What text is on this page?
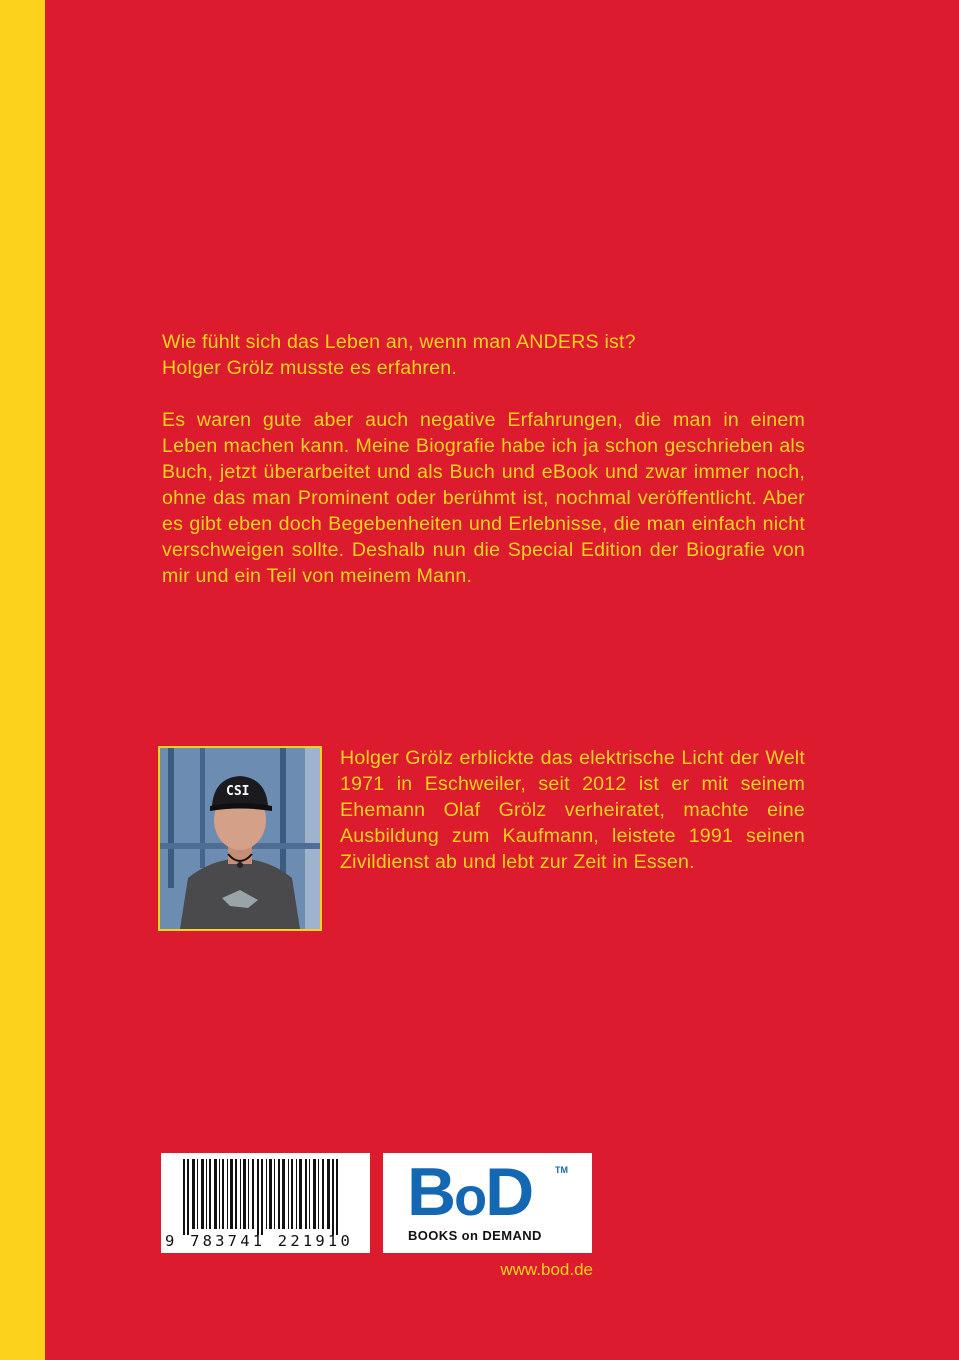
Wie fühlt sich das Leben an, wenn man ANDERS ist?

Holger Grölz musste es erfahren.

Es waren gute aber auch negative Erfahrungen, die man in einem Leben machen kann. Meine Biografie habe ich ja schon geschrieben als Buch, jetzt überarbeitet und als Buch und eBook und zwar immer noch, ohne das man Prominent oder berühmt ist, nochmal veröffentlicht. Aber es gibt eben doch Begebenheiten und Erlebnisse, die man einfach nicht verschweigen sollte. Deshalb nun die Special Edition der Biografie von mir und ein Teil von meinem Mann.

CSI

Holger Grölz erblickte das elektrische Licht der Welt 1971 in Eschweiler, seit 2012 ist er mit seinem Ehemann Olaf Grölz verheiratet, machte eine Ausbildung zum Kaufmann, leistete 1991 seinen Zivildienst ab und lebt zur Zeit in Essen.

9 783741 221910
BoD	TM
BOOKS on DEMAND
www.bod.de
